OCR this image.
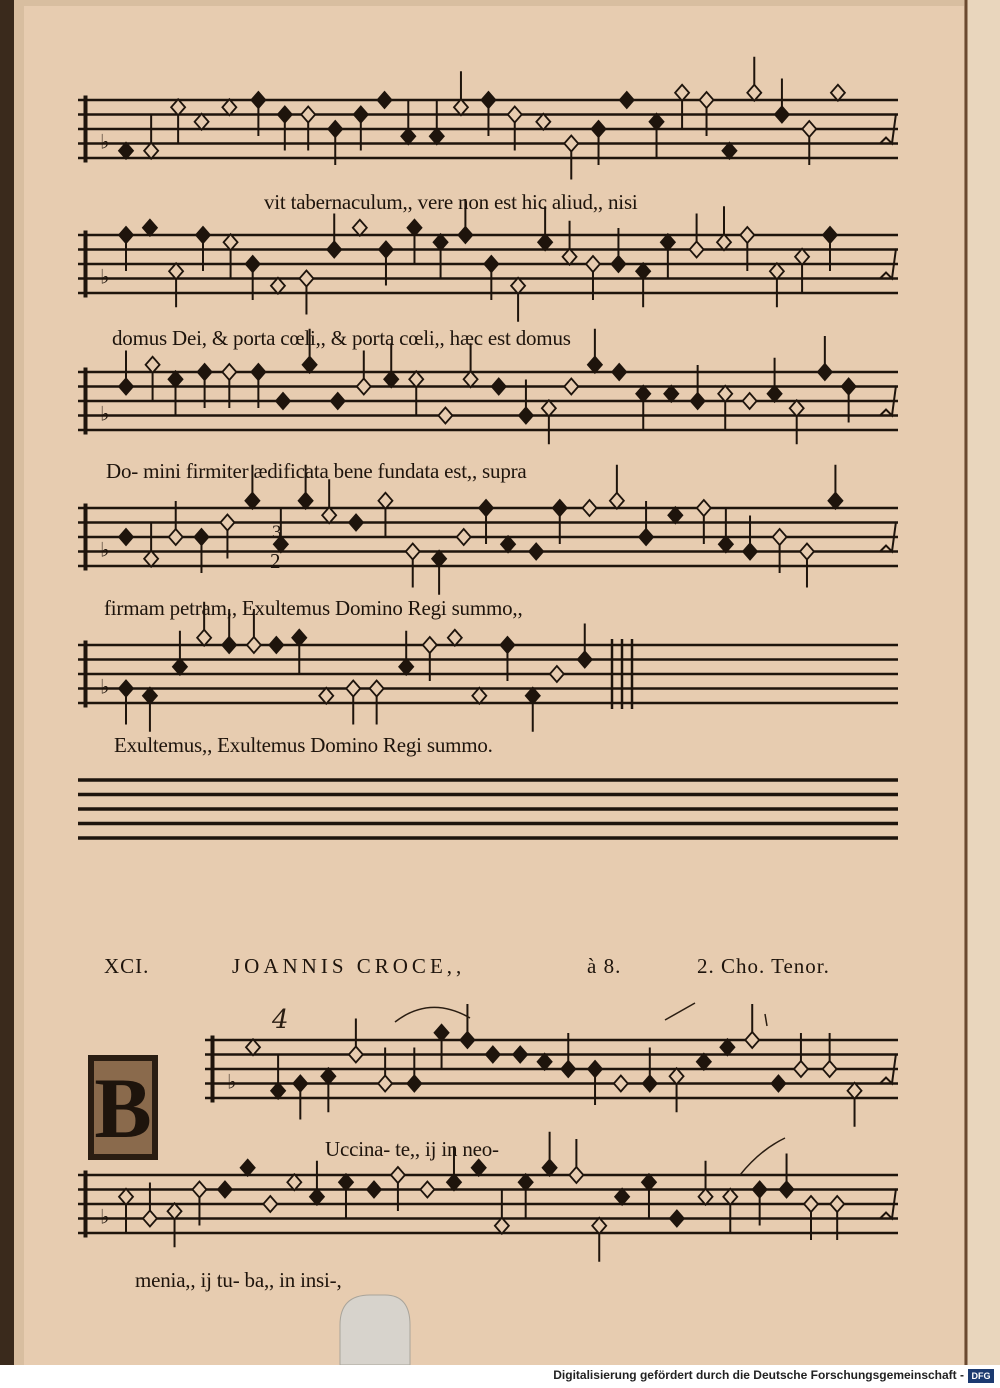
♭
♭
♭
♭
♭
♭
♭
B
4
3
2
vit tabernaculum,, vere non est hic aliud,, nisi
domus Dei, & porta cœli,, & porta cœli,, hæc est domus
Do- mini firmiter ædificata bene fundata est,, supra
firmam petram,, Exultemus Domino Regi summo,,
Exultemus,, Exultemus Domino Regi summo.
XCI.	JOANNIS CROCE,,	à 8.	2. Cho. Tenor.
Uccina- te,, ij in neo-
menia,, ij tu- ba,, in insi-,
Digitalisierung gefördert durch die Deutsche Forschungsgemeinschaft - DFG
